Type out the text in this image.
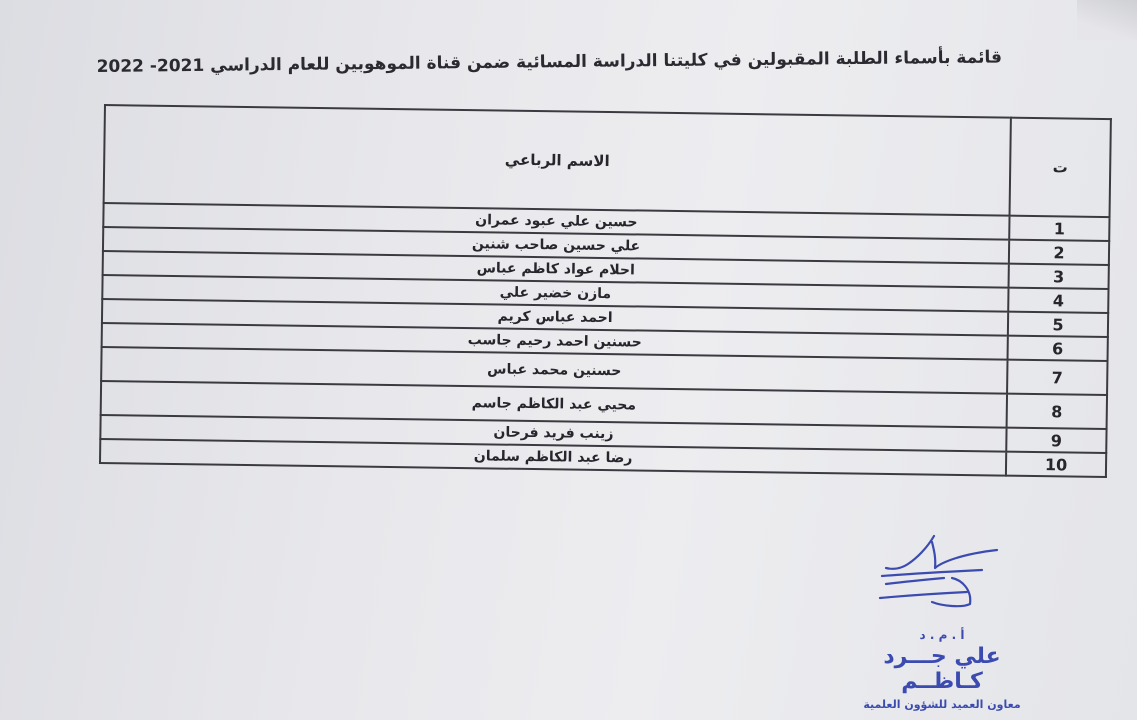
قائمة بأسماء الطلبة المقبولين في كليتنا الدراسة المسائية ضمن قناة الموهوبين للعام الدراسي 2021- 2022

ت	الاسم الرباعي
1	حسين علي عبود عمران
2	علي حسين صاحب شنين
3	احلام عواد كاظم عباس
4	مازن خضير علي
5	احمد عباس كريم
6	حسنين احمد رحيم جاسب
7	حسنين محمد عباس
8	محيي عبد الكاظم جاسم
9	زينب فريد فرحان
10	رضا عبد الكاظم سلمان

أ . م . د

علي جـــرد كـاظــم

معاون العميد للشؤون العلمية
